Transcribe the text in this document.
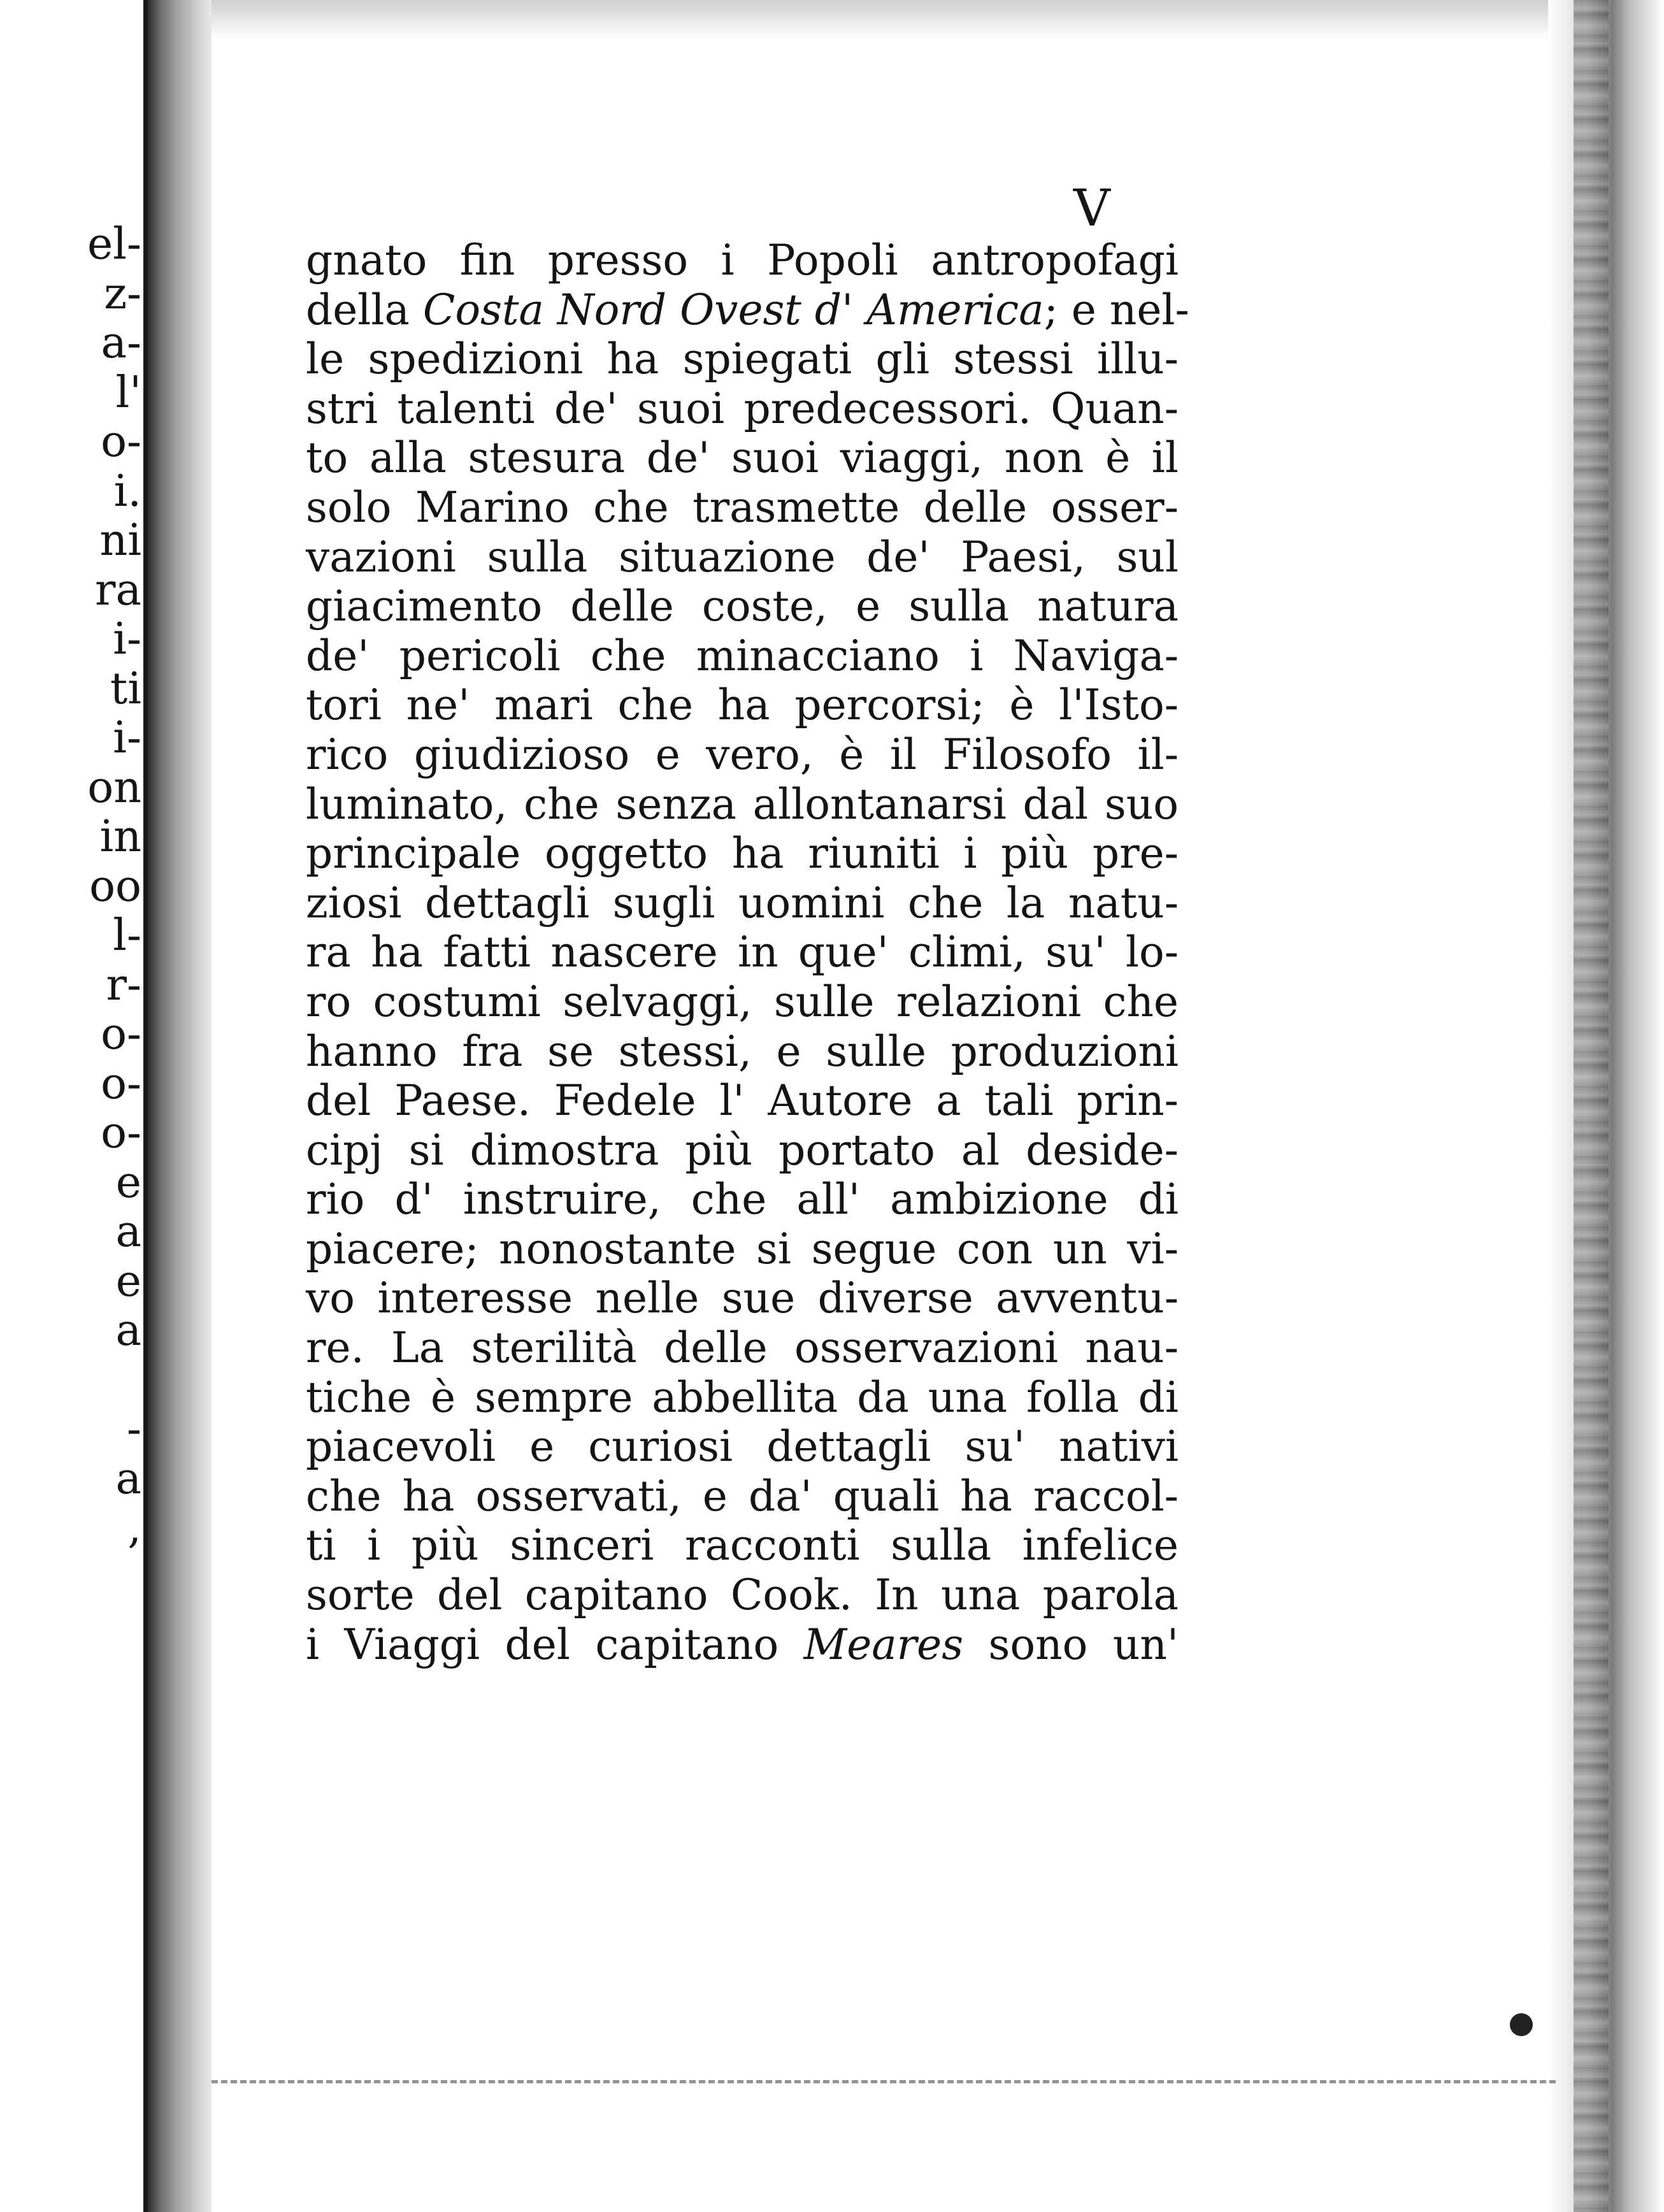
el-
z-
a-
l'
o-
i.
ni
ra
i-
ti
i-
on
in
oo
l-
r-
o-
o-
o-
e
a
e
a
-
a
,
V
gnato fin presso i Popoli antropofagi
della Costa Nord Ovest d' America; e nel-
le spedizioni ha spiegati gli stessi illu-
stri talenti de' suoi predecessori. Quan-
to alla stesura de' suoi viaggi, non è il
solo Marino che trasmette delle osser-
vazioni sulla situazione de' Paesi, sul
giacimento delle coste, e sulla natura
de' pericoli che minacciano i Naviga-
tori ne' mari che ha percorsi; è l'Isto-
rico giudizioso e vero, è il Filosofo il-
luminato, che senza allontanarsi dal suo
principale oggetto ha riuniti i più pre-
ziosi dettagli sugli uomini che la natu-
ra ha fatti nascere in que' climi, su' lo-
ro costumi selvaggi, sulle relazioni che
hanno fra se stessi, e sulle produzioni
del Paese. Fedele l' Autore a tali prin-
cipj si dimostra più portato al deside-
rio d' instruire, che all' ambizione di
piacere; nonostante si segue con un vi-
vo interesse nelle sue diverse avventu-
re. La sterilità delle osservazioni nau-
tiche è sempre abbellita da una folla di
piacevoli e curiosi dettagli su' nativi
che ha osservati, e da' quali ha raccol-
ti i più sinceri racconti sulla infelice
sorte del capitano Cook. In una parola
i Viaggi del capitano Meares sono un'
